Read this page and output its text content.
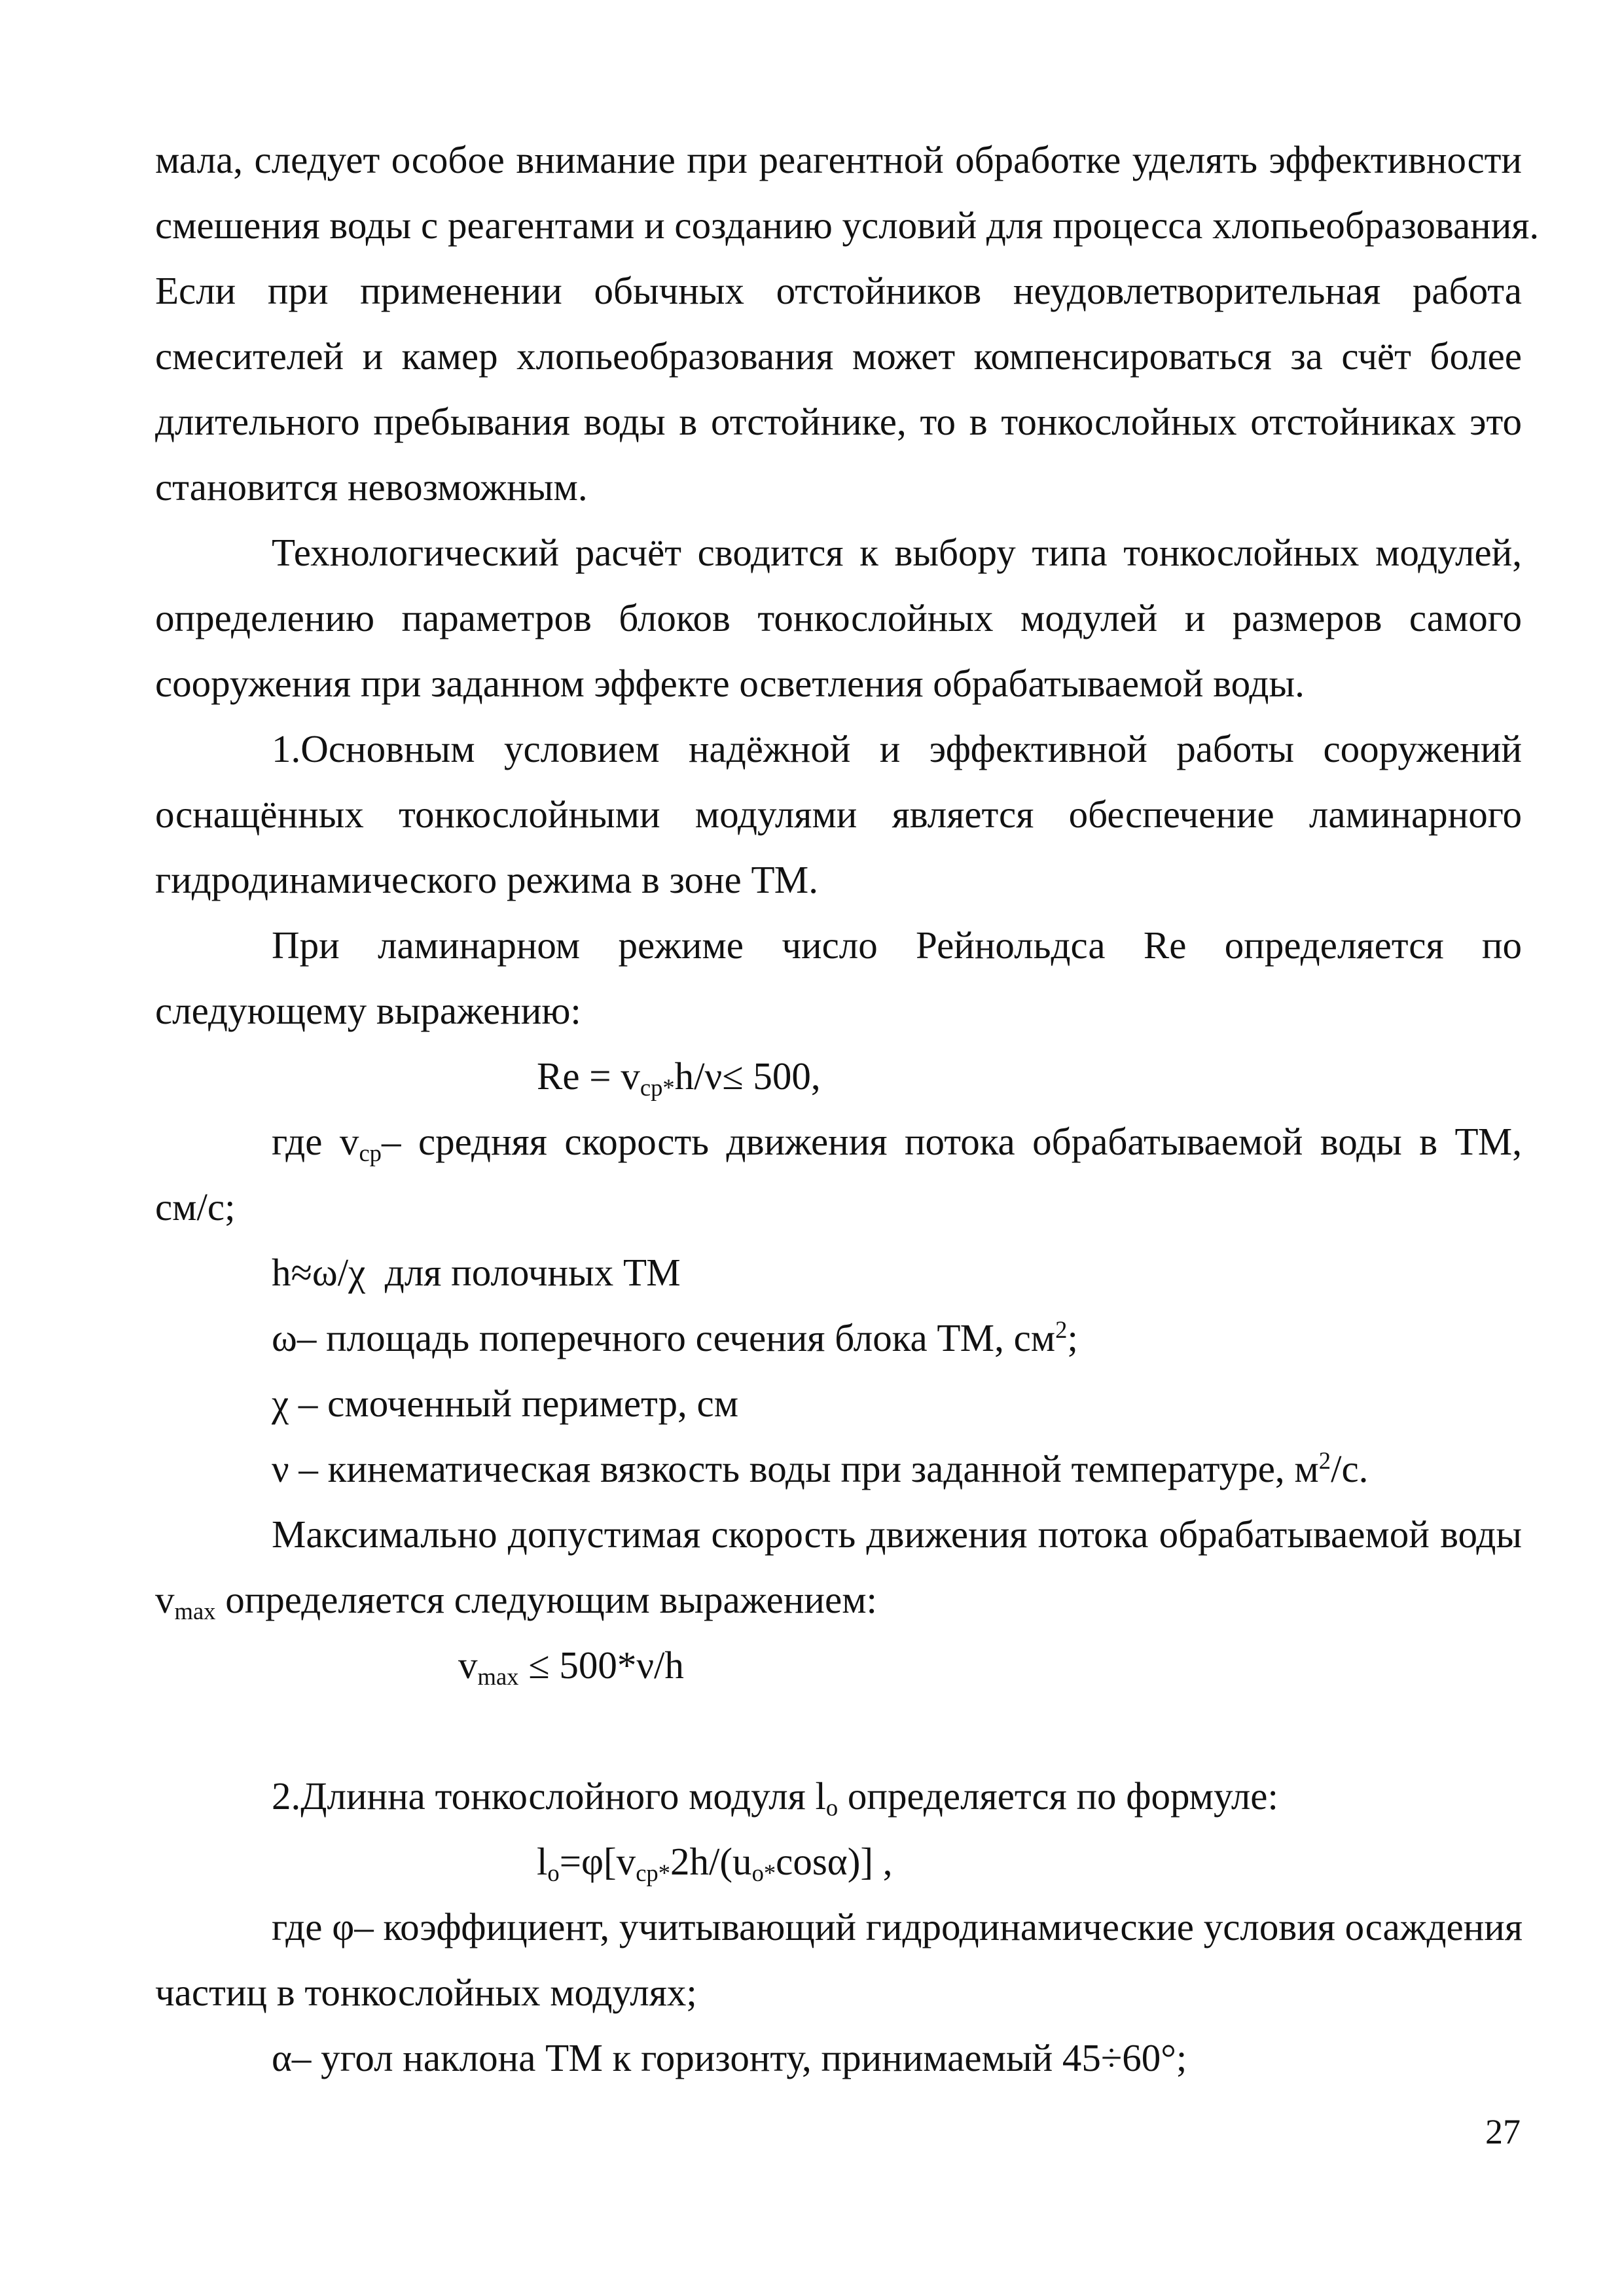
мала, следует особое внимание при реагентной обработке уделять эффективности
смешения воды с реагентами и созданию условий для процесса хлопьеобразования.
Если при применении обычных отстойников неудовлетворительная работа
смесителей и камер хлопьеобразования может компенсироваться за счёт более
длительного пребывания воды в отстойнике, то в тонкослойных отстойниках это
становится невозможным.
Технологический расчёт сводится к выбору типа тонкослойных модулей,
определению параметров блоков тонкослойных модулей и размеров самого
сооружения при заданном эффекте осветления обрабатываемой воды.
1.Основным условием надёжной и эффективной работы сооружений
оснащённых тонкослойными модулями является обеспечение ламинарного
гидродинамического режима в зоне ТМ.
При ламинарном режиме число Рейнольдса Re определяется по
следующему выражению:
$Re = v_{ср*}h/\nu\le 500$,
где $v_{ср}-$ средняя скорость движения потока обрабатываемой воды в ТМ,
см/с;
h≈ω/χ  для полочных ТМ
ω– площадь поперечного сечения блока ТМ, $см^2$;
χ – смоченный периметр, см
ν – кинематическая вязкость воды при заданной температуре, $м^2/с$.
Максимально допустимая скорость движения потока обрабатываемой воды
$v_{max}$ определяется следующим выражением:
$v_{max} \le 500*\nu/h$
2.Длинна тонкослойного модуля $l_о$ определяется по формуле:
$l_о=\varphi[v_{ср*}2h/(u_{о*}\cos\alpha)]$ ,
где φ– коэффициент, учитывающий гидродинамические условия осаждения
частиц в тонкослойных модулях;
α– угол наклона ТМ к горизонту, принимаемый 45÷60°;
27
